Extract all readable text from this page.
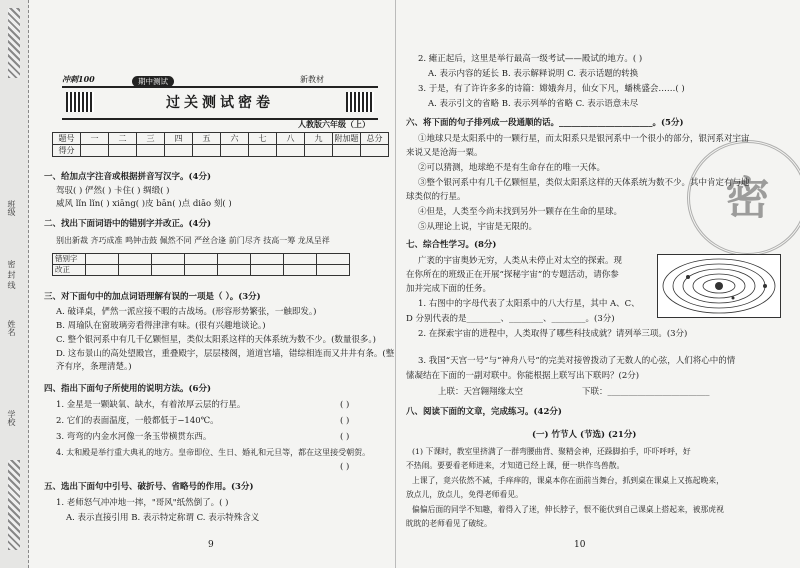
班级
密 封 线
姓名
学校
冲刺100	期中测试	新教材
过关测试密卷
人教版六年级（上）
题号	一	二	三	四	五	六	七	八	九	附加题	总分
得分											
一、给加点字注音或根据拼音写汉字。(4分)
驾驭( ) 俨然( ) 卡住( ) 绸缎( )
威风 lǐn lǐn( ) xiāng( )皮 bān( )点 diāo 刻( )
二、找出下面词语中的错别字并改正。(4分)
别出新裁 齐巧成准 鸣钟击鼓 佩然不同 严丝合逢 前门尽齐 技高一筹 龙凤呈祥
错别字								
改正								
三、对下面句中的加点词语理解有误的一项是（ ）。(3分)
A. 破译桌，俨然一派应接不暇的古战场。(形容形势繁张，一触即发。)
B. 周瑜队在窗玻璃旁看得津津有味。(很有兴趣地谈论。)
C. 整个银河系中有几千亿颗恒星，类似太阳系这样的天体系统为数不少。(数量很多。)
D. 这布景山的高处望殿宫，重叠殿宇，层层楼阁，道道宫墙，错综相连而又井井有条。(整
齐有序，条理清楚。)
四、指出下面句子所使用的说明方法。(6分)
1. 金星是一颗缺氧、缺水，有着浓厚云层的行星。	( )
2. 它们的表面温度，一般都低于−140℃。	( )
3. 弯弯的内金水河像一条玉带横贯东西。	( )
4. 太和殿是举行重大典礼的地方。皇帝即位、生日、婚礼和元旦等，都在这里接受朝贺。
( )
五、选出下面句中引号、破折号、省略号的作用。(3分)
1. 老师怒气冲冲地一摔，"哥风"纸然倒了。( )
A. 表示直接引用 B. 表示特定称谓 C. 表示特殊含义
9
密
2. 瘫正起后，这里是举行最高一级考试——殿试的地方。( )
A. 表示内容的延长 B. 表示解释说明 C. 表示话题的转换
3. 于是，有了许许多多的诗篇：嫦娥奔月，仙女下凡，蟠桃盛会……( )
A. 表示引文的省略 B. 表示列举的省略 C. 表示语意未尽
六、将下面的句子排列成一段通顺的话。______________________。(5分)
①地球只是太阳系中的一颗行星，而太阳系只是银河系中一个很小的部分，银河系对宇宙
来说又是沧海一粟。
②可以猜测，地球绝不是有生命存在的唯一天体。
③整个银河系中有几千亿颗恒星，类似太阳系这样的天体系统为数不少。其中肯定有与地
球类似的行星。
④但是，人类至今尚未找到另外一颗存在生命的星球。
⑤从理论上说，宇宙是无限的。
七、综合性学习。(8分)
广袤的宇宙奥妙无穷，人类从未停止对太空的探索。现
在你所在的班级正在开展“探秘宇宙”的专题活动，请你参
加并完成下面的任务。
1. 右图中的字母代表了太阳系中的八大行星，其中 A、C、
D 分别代表的是________、________、________。(3分)
2. 在探索宇宙的进程中，人类取得了哪些科技成就？请列举三项。(3分)
3. 我国“天宫一号”与“神舟八号”的完美对接曾拨动了无数人的心弦，人们将心中的情
愫凝结在下面的一副对联中。你能根据上联写出下联吗？(2分)
上联：天宫翱翔缘太空	下联：________________________
八、阅读下面的文章，完成练习。(42分)
(一) 竹节人 (节选) (21分)
(1) 下课时，教室里挤满了一群弯腰曲背、聚精会神，还跺脚拍手，吓吓呼呼，好
不热闹。要要看老师进来，才知道已经上课，便一哄作鸟兽散。
上课了，竟兴依然不减，手痒痒的，课桌本你在面前当舞台，抓到桌在课桌上又拣起晚来，
放点儿，放点儿，免得老师看见。
偏偏后面的同学不知趣，着得入了迷，伸长脖子，恨不能伏到自己课桌上搭起来，被那虎视
眈眈的老师看见了破绽。
10
